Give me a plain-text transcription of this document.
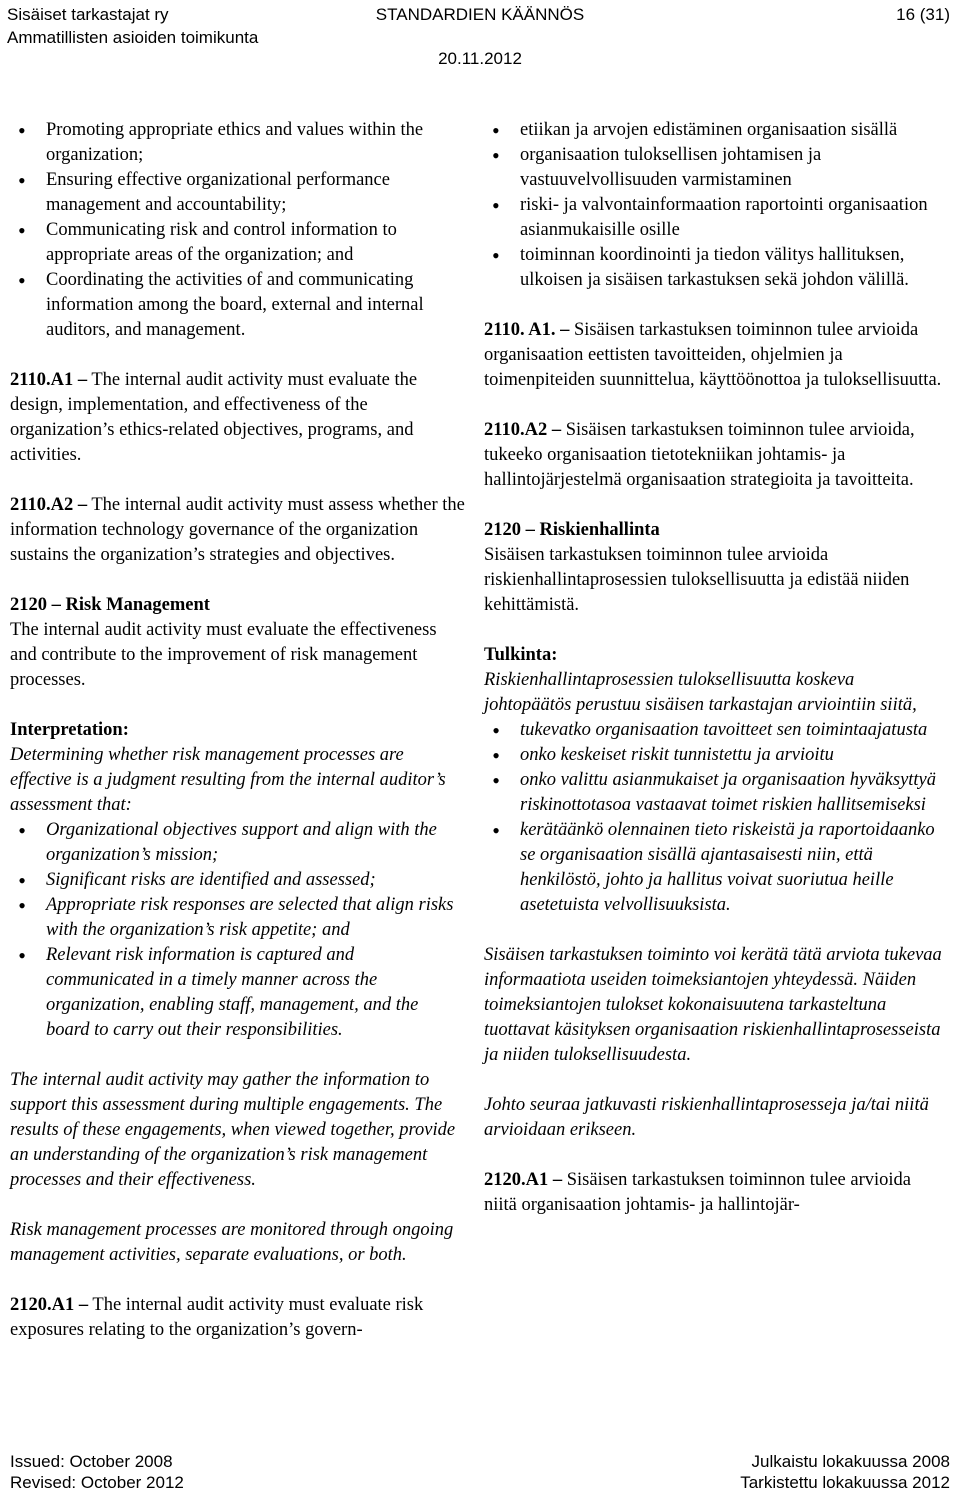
Sisäiset tarkastajat ry
Ammatillisten asioiden toimikunta
STANDARDIEN KÄÄNNÖS
20.11.2012
16 (31)
• Promoting appropriate ethics and values within the organization;
• Ensuring effective organizational performance management and accountability;
• Communicating risk and control information to appropriate areas of the organization; and
• Coordinating the activities of and communicating information among the board, external and internal auditors, and management.

2110.A1 – The internal audit activity must evaluate the design, implementation, and effectiveness of the organization’s ethics-related objectives, programs, and activities.

2110.A2 – The internal audit activity must assess whether the information technology governance of the organization sustains the organization’s strategies and objectives.

2120 – Risk Management

The internal audit activity must evaluate the effectiveness and contribute to the improvement of risk management processes.

Interpretation:

Determining whether risk management processes are effective is a judgment resulting from the internal auditor’s assessment that:

• Organizational objectives support and align with the organization’s mission;
• Significant risks are identified and assessed;
• Appropriate risk responses are selected that align risks with the organization’s risk appetite; and
• Relevant risk information is captured and communicated in a timely manner across the organization, enabling staff, management, and the board to carry out their responsibilities.

The internal audit activity may gather the information to support this assessment during multiple engagements. The results of these engagements, when viewed together, provide an understanding of the organization’s risk management processes and their effectiveness.

Risk management processes are monitored through ongoing management activities, separate evaluations, or both.

2120.A1 – The internal audit activity must evaluate risk exposures relating to the organization’s govern-

• etiikan ja arvojen edistäminen organisaation sisällä
• organisaation tuloksellisen johtamisen ja vastuuvelvollisuuden varmistaminen
• riski- ja valvontainformaation raportointi organisaation asianmukaisille osille
• toiminnan koordinointi ja tiedon välitys hallituksen, ulkoisen ja sisäisen tarkastuksen sekä johdon välillä.

2110. A1. – Sisäisen tarkastuksen toiminnon tulee arvioida organisaation eettisten tavoitteiden, ohjelmien ja toimenpiteiden suunnittelua, käyttöönottoa ja tuloksellisuutta.

2110.A2 – Sisäisen tarkastuksen toiminnon tulee arvioida, tukeeko organisaation tietotekniikan johtamis- ja hallintojärjestelmä organisaation strategioita ja tavoitteita.

2120 – Riskienhallinta

Sisäisen tarkastuksen toiminnon tulee arvioida riskienhallintaprosessien tuloksellisuutta ja edistää niiden kehittämistä.

Tulkinta:

Riskienhallintaprosessien tuloksellisuutta koskeva johtopäätös perustuu sisäisen tarkastajan arviointiin siitä,

• tukevatko organisaation tavoitteet sen toimintaajatusta
• onko keskeiset riskit tunnistettu ja arvioitu
• onko valittu asianmukaiset ja organisaation hyväksyttyä riskinottotasoa vastaavat toimet riskien hallitsemiseksi
• kerätäänkö olennainen tieto riskeistä ja raportoidaanko se organisaation sisällä ajantasaisesti niin, että henkilöstö, johto ja hallitus voivat suoriutua heille asetetuista velvollisuuksista.

Sisäisen tarkastuksen toiminto voi kerätä tätä arviota tukevaa informaatiota useiden toimeksiantojen yhteydessä. Näiden toimeksiantojen tulokset kokonaisuutena tarkasteltuna tuottavat käsityksen organisaation riskienhallintaprosesseista ja niiden tuloksellisuudesta.

Johto seuraa jatkuvasti riskienhallintaprosesseja ja/tai niitä arvioidaan erikseen.

2120.A1 – Sisäisen tarkastuksen toiminnon tulee arvioida niitä organisaation johtamis- ja hallintojär-

Issued: October 2008
Revised: October 2012
Julkaistu lokakuussa 2008
Tarkistettu lokakuussa 2012
